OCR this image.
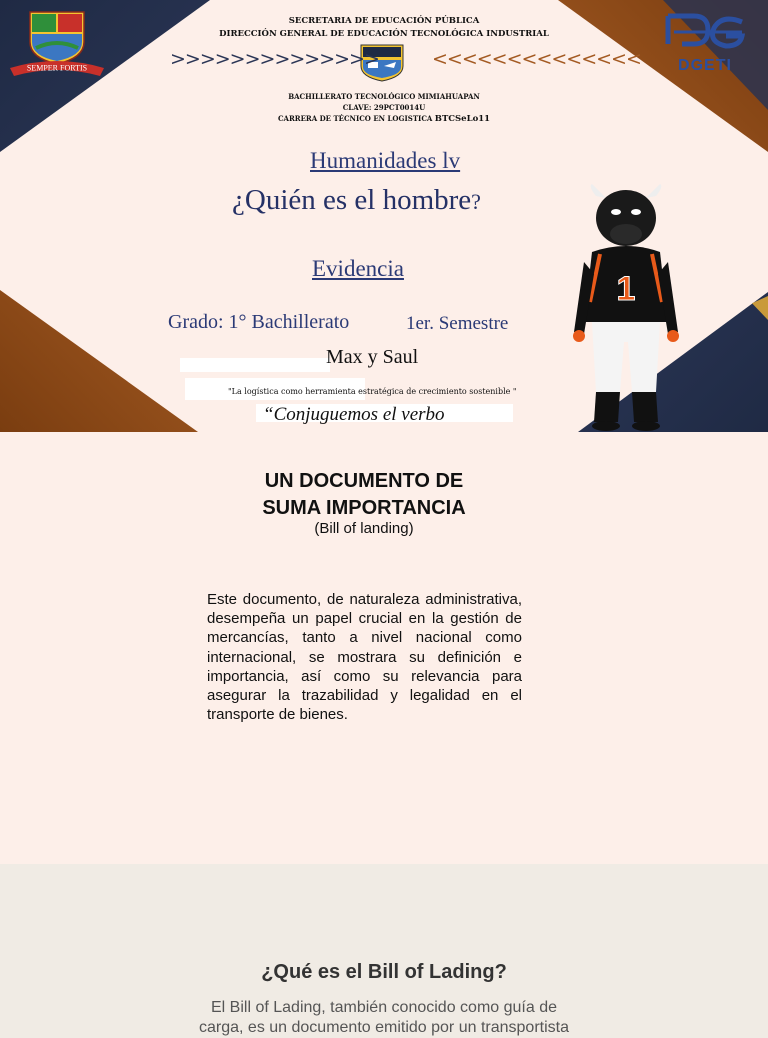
SEMPER FORTIS	DGETI
SECRETARIA DE EDUCACIÓN PÚBLICA
DIRECCIÓN GENERAL DE EDUCACIÓN TECNOLÓGICA INDUSTRIAL
>>>>>>>>>>>>>>	<<<<<<<<<<<<<<
BACHILLERATO TECNOLÓGICO MIMIAHUAPAN
CLAVE: 29PCT0014U
CARRERA DE TÉCNICO EN LOGISTICA BTCSeLo11
Humanidades lv
¿Quién es el hombre?
Evidencia
Grado: 1° Bachillerato	1er. Semestre
Max y Saul
"La logística como herramienta estratégica de crecimiento sostenible "
“Conjuguemos el verbo
1
UN DOCUMENTO DE
SUMA IMPORTANCIA
(Bill of landing)
Este documento, de naturaleza administrativa, desempeña un papel crucial en la gestión de mercancías, tanto a nivel nacional como internacional, se mostrara su definición e importancia, así como su relevancia para asegurar la trazabilidad y legalidad en el transporte de bienes.
¿Qué es el Bill of Lading?
El Bill of Lading, también conocido como guía de carga, es un documento emitido por un transportista
